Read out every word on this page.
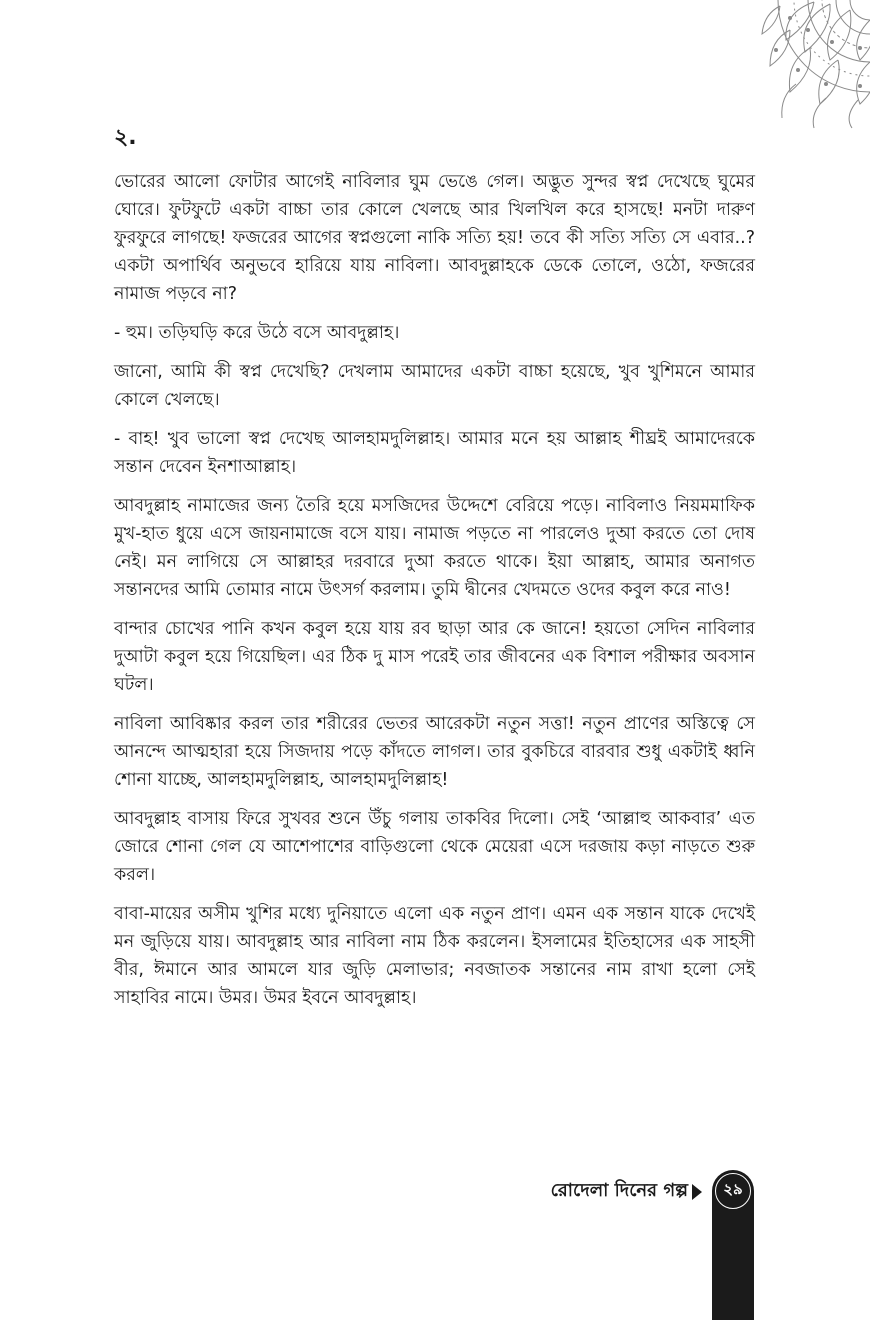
২.

ভোরের আলো ফোটার আগেই নাবিলার ঘুম ভেঙে গেল। অদ্ভুত সুন্দর স্বপ্ন দেখেছে ঘুমের ঘোরে। ফুটফুটে একটা বাচ্চা তার কোলে খেলছে আর খিলখিল করে হাসছে! মনটা দারুণ ফুরফুরে লাগছে! ফজরের আগের স্বপ্নগুলো নাকি সত্যি হয়! তবে কী সত্যি সত্যি সে এবার..? একটা অপার্থিব অনুভবে হারিয়ে যায় নাবিলা। আবদুল্লাহকে ডেকে তোলে, ওঠো, ফজরের নামাজ পড়বে না?

- হুম। তড়িঘড়ি করে উঠে বসে আবদুল্লাহ।

জানো, আমি কী স্বপ্ন দেখেছি? দেখলাম আমাদের একটা বাচ্চা হয়েছে, খুব খুশিমনে আমার কোলে খেলছে।

- বাহ! খুব ভালো স্বপ্ন দেখেছ আলহামদুলিল্লাহ। আমার মনে হয় আল্লাহ শীঘ্রই আমাদেরকে সন্তান দেবেন ইনশাআল্লাহ।

আবদুল্লাহ নামাজের জন্য তৈরি হয়ে মসজিদের উদ্দেশে বেরিয়ে পড়ে। নাবিলাও নিয়মমাফিক মুখ-হাত ধুয়ে এসে জায়নামাজে বসে যায়। নামাজ পড়তে না পারলেও দুআ করতে তো দোষ নেই। মন লাগিয়ে সে আল্লাহর দরবারে দুআ করতে থাকে। ইয়া আল্লাহ, আমার অনাগত সন্তানদের আমি তোমার নামে উৎসর্গ করলাম। তুমি দ্বীনের খেদমতে ওদের কবুল করে নাও!

বান্দার চোখের পানি কখন কবুল হয়ে যায় রব ছাড়া আর কে জানে! হয়তো সেদিন নাবিলার দুআটা কবুল হয়ে গিয়েছিল। এর ঠিক দু মাস পরেই তার জীবনের এক বিশাল পরীক্ষার অবসান ঘটল।

নাবিলা আবিষ্কার করল তার শরীরের ভেতর আরেকটা নতুন সত্তা! নতুন প্রাণের অস্তিত্বে সে আনন্দে আত্মহারা হয়ে সিজদায় পড়ে কাঁদতে লাগল। তার বুকচিরে বারবার শুধু একটাই ধ্বনি শোনা যাচ্ছে, আলহামদুলিল্লাহ, আলহামদুলিল্লাহ!

আবদুল্লাহ বাসায় ফিরে সুখবর শুনে উঁচু গলায় তাকবির দিলো। সেই ‘আল্লাহু আকবার’ এত জোরে শোনা গেল যে আশেপাশের বাড়িগুলো থেকে মেয়েরা এসে দরজায় কড়া নাড়তে শুরু করল।

বাবা-মায়ের অসীম খুশির মধ্যে দুনিয়াতে এলো এক নতুন প্রাণ। এমন এক সন্তান যাকে দেখেই মন জুড়িয়ে যায়। আবদুল্লাহ আর নাবিলা নাম ঠিক করলেন। ইসলামের ইতিহাসের এক সাহসী বীর, ঈমানে আর আমলে যার জুড়ি মেলাভার; নবজাতক সন্তানের নাম রাখা হলো সেই সাহাবির নামে। উমর। উমর ইবনে আবদুল্লাহ।

রোদেলা দিনের গল্প	২৯
